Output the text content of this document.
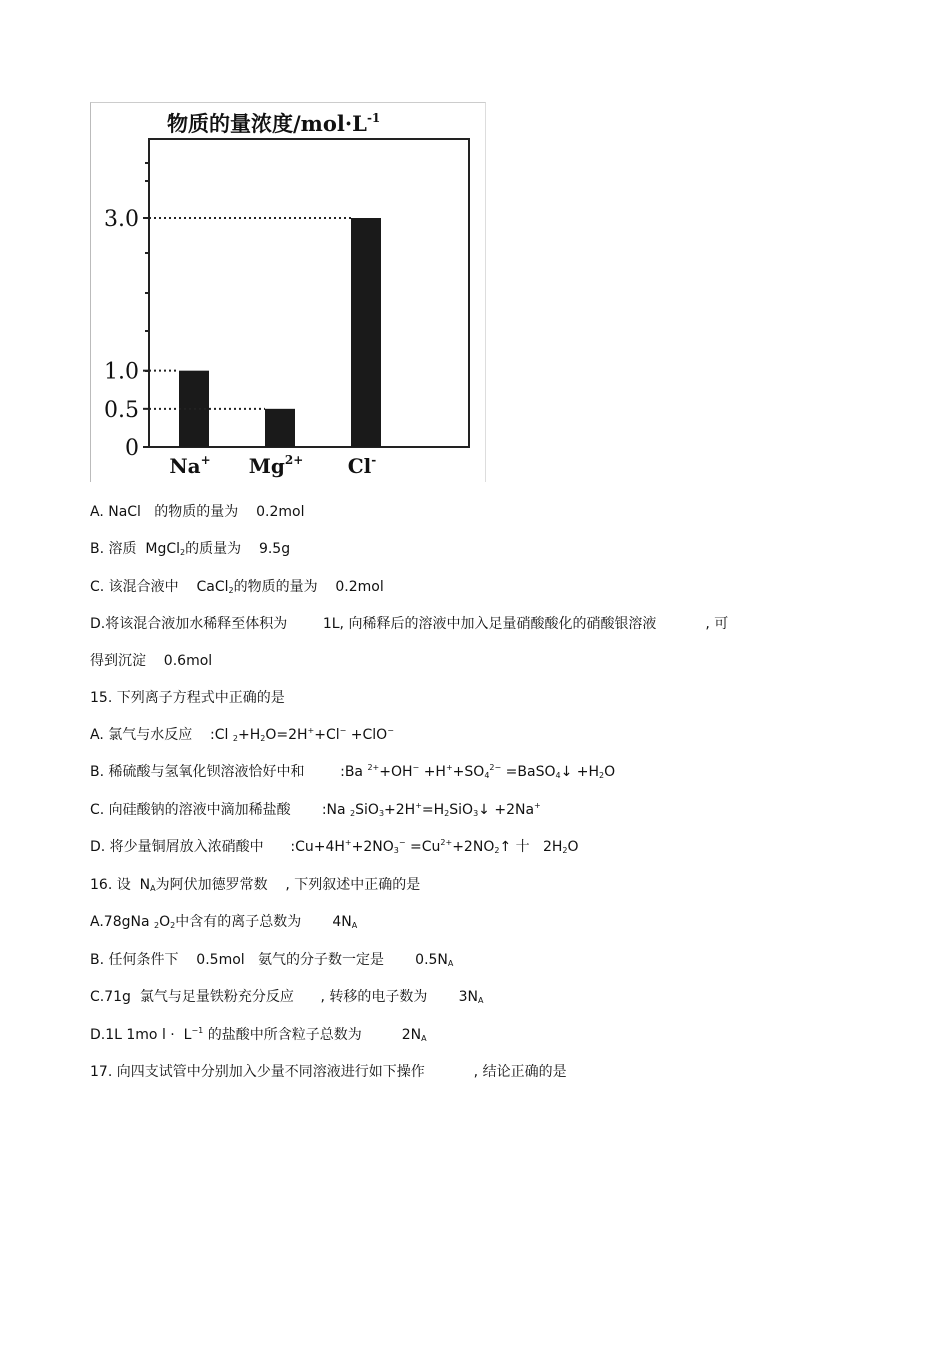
物质的量浓度$/mol\cdot L^{-1}$
0
0.5
1.0
3.0
Na+ $Mg^{2+}$ Cl-
A. NaCl   的物质的量为    0.2mol
B. 溶质  MgCl$_2$的质量为    9.5g
C. 该混合液中    CaCl$_2$的物质的量为    0.2mol
D.将该混合液加水稀释至体积为        1L, 向稀释后的溶液中加入足量硝酸酸化的硝酸银溶液           , 可
得到沉淀    0.6mol
15. 下列离子方程式中正确的是
A. 氯气与水反应    :Cl $_2+H_2O=2H^++Cl^- +ClO^-$
B. 稀硫酸与氢氧化钡溶液恰好中和        :Ba $^{2+}+OH^- +H^++SO_4^{2-}$ =BaSO$_4$↓ $+H_2O$
C. 向硅酸钠的溶液中滴加稀盐酸       :Na $_2SiO_3+2H^+=H_2SiO_3↓ +2Na^+$
D. 将少量铜屑放入浓硝酸中      $:Cu+4H^++2NO_3^-$ $=Cu^{2+}+2NO_2↑$ 十   $2H_2O$
16. 设  $N_A$为阿伏加德罗常数    , 下列叙述中正确的是
A.78gNa $_2O_2$中含有的离子总数为       $4N_A$
B. 任何条件下    0.5mol   氨气的分子数一定是       $0.5N_A$
C.71g  氯气与足量铁粉充分反应      , 转移的电子数为       $3N_A$
D.1L 1mo $l \cdot L^{-1}$ 的盐酸中所含粒子总数为         $2N_A$
17. 向四支试管中分别加入少量不同溶液进行如下操作           , 结论正确的是
